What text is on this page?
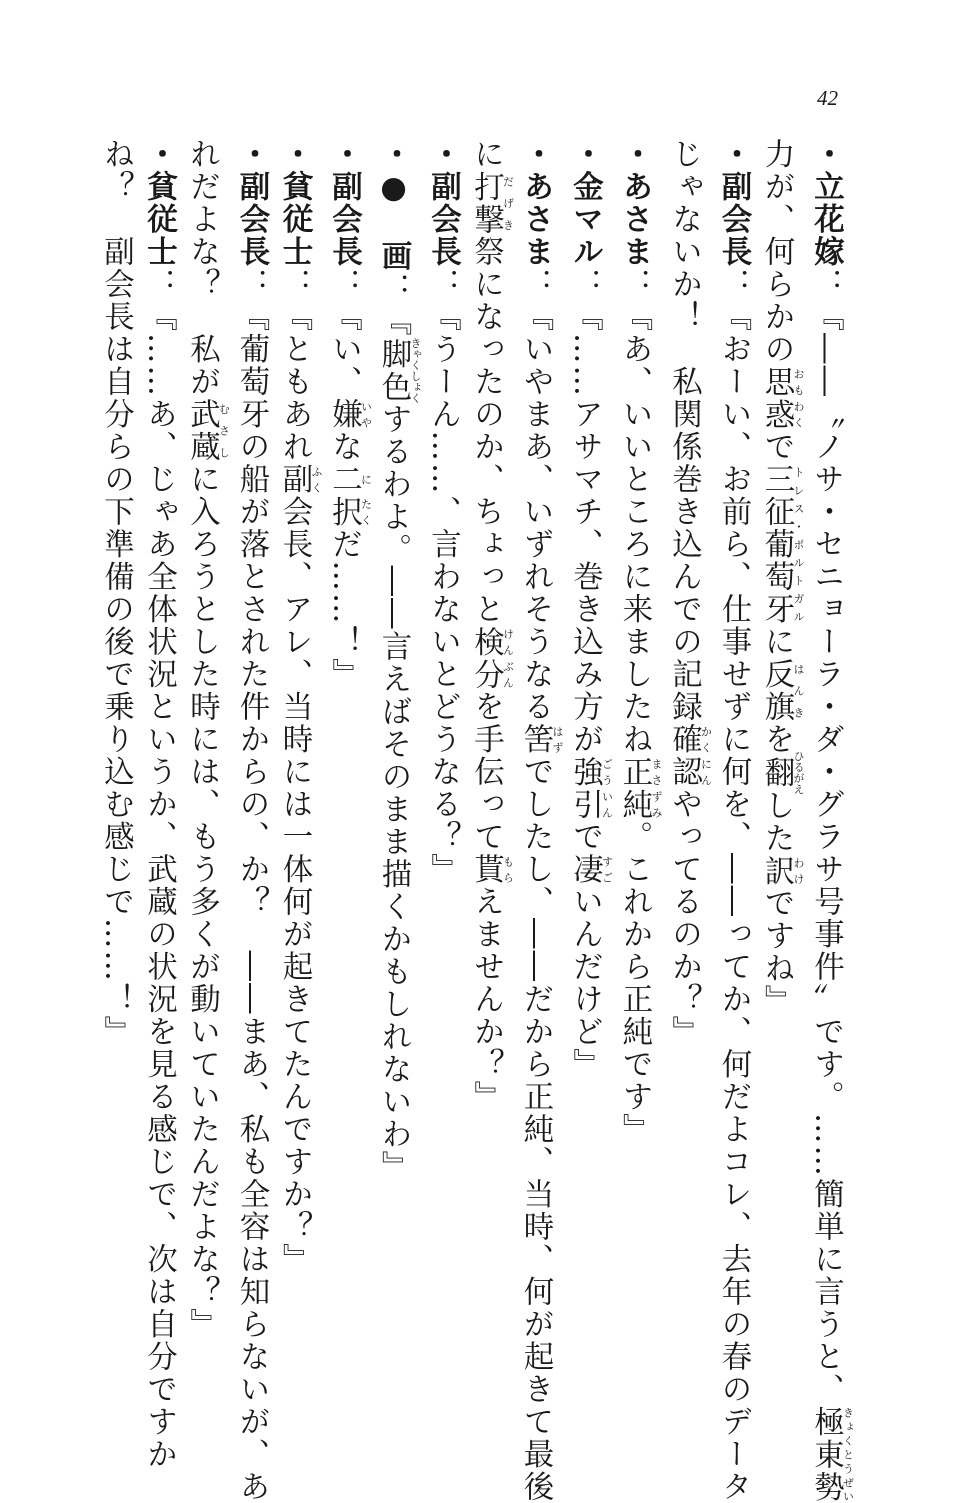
42
・立花嫁：『――〝ノサ・セニョーラ・ダ・グラサ号事件〟です。……簡単に言うと、極東勢きょくとうぜい
力が、何らかの思惑おもわくで三征葡萄牙トレス・ポルトガルに反旗はんきを翻ひるがえした訳わけですね』
・副会長：『おーい、お前ら、仕事せずに何を、――ってか、何だよコレ、去年の春のデータ
じゃないか！　私関係巻き込んでの記録確認かくにんやってるのか？』
・あさま：『あ、いいところに来ましたね正純まさずみ。これから正純です』
・金マル：『……アサマチ、巻き込み方が強引ごういんで凄すごいんだけど』
・あさま：『いやまあ、いずれそうなる筈はずでしたし、――だから正純、当時、何が起きて最後
に打撃だげき祭になったのか、ちょっと検分けんぶんを手伝って貰もらえませんか？』
・副会長：『うーん……、言わないとどうなる？』
・●　画：『脚色きゃくしょくするわよ。――言えばそのまま描くかもしれないわ』
・副会長：『い、嫌いやな二に択たくだ……！』
・貧従士：『ともあれ副ふく会長、アレ、当時には一体何が起きてたんですか？』
・副会長：『葡萄牙の船が落とされた件からの、か？　――まあ、私も全容は知らないが、あ
れだよな？　私が武蔵むさしに入ろうとした時には、もう多くが動いていたんだよな？』
・貧従士：『……あ、じゃあ全体状況というか、武蔵の状況を見る感じで、次は自分ですか
ね？　副会長は自分らの下準備の後で乗り込む感じで……！』
